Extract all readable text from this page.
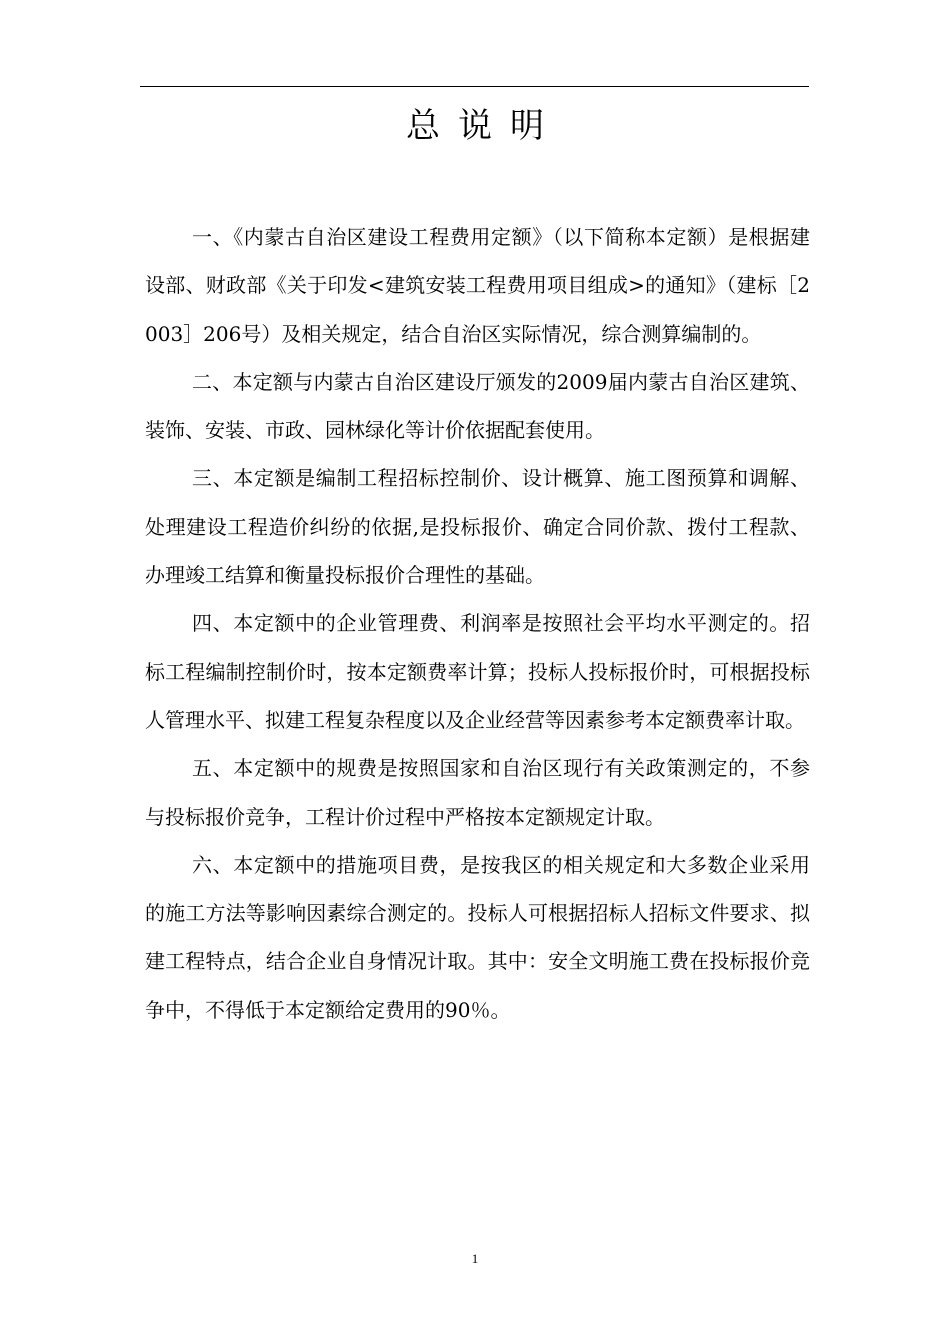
总说明

一、《内蒙古自治区建设工程费用定额》（以下简称本定额）是根据建设部、财政部《关于印发<建筑安装工程费用项目组成>的通知》（建标［2003］206号）及相关规定，结合自治区实际情况，综合测算编制的。

二、本定额与内蒙古自治区建设厅颁发的2009届内蒙古自治区建筑、装饰、安装、市政、园林绿化等计价依据配套使用。

三、本定额是编制工程招标控制价、设计概算、施工图预算和调解、处理建设工程造价纠纷的依据,是投标报价、确定合同价款、拨付工程款、办理竣工结算和衡量投标报价合理性的基础。

四、本定额中的企业管理费、利润率是按照社会平均水平测定的。招标工程编制控制价时，按本定额费率计算；投标人投标报价时，可根据投标人管理水平、拟建工程复杂程度以及企业经营等因素参考本定额费率计取。

五、本定额中的规费是按照国家和自治区现行有关政策测定的，不参与投标报价竞争，工程计价过程中严格按本定额规定计取。

六、本定额中的措施项目费，是按我区的相关规定和大多数企业采用的施工方法等影响因素综合测定的。投标人可根据招标人招标文件要求、拟建工程特点，结合企业自身情况计取。其中：安全文明施工费在投标报价竞争中，不得低于本定额给定费用的90％。

1
